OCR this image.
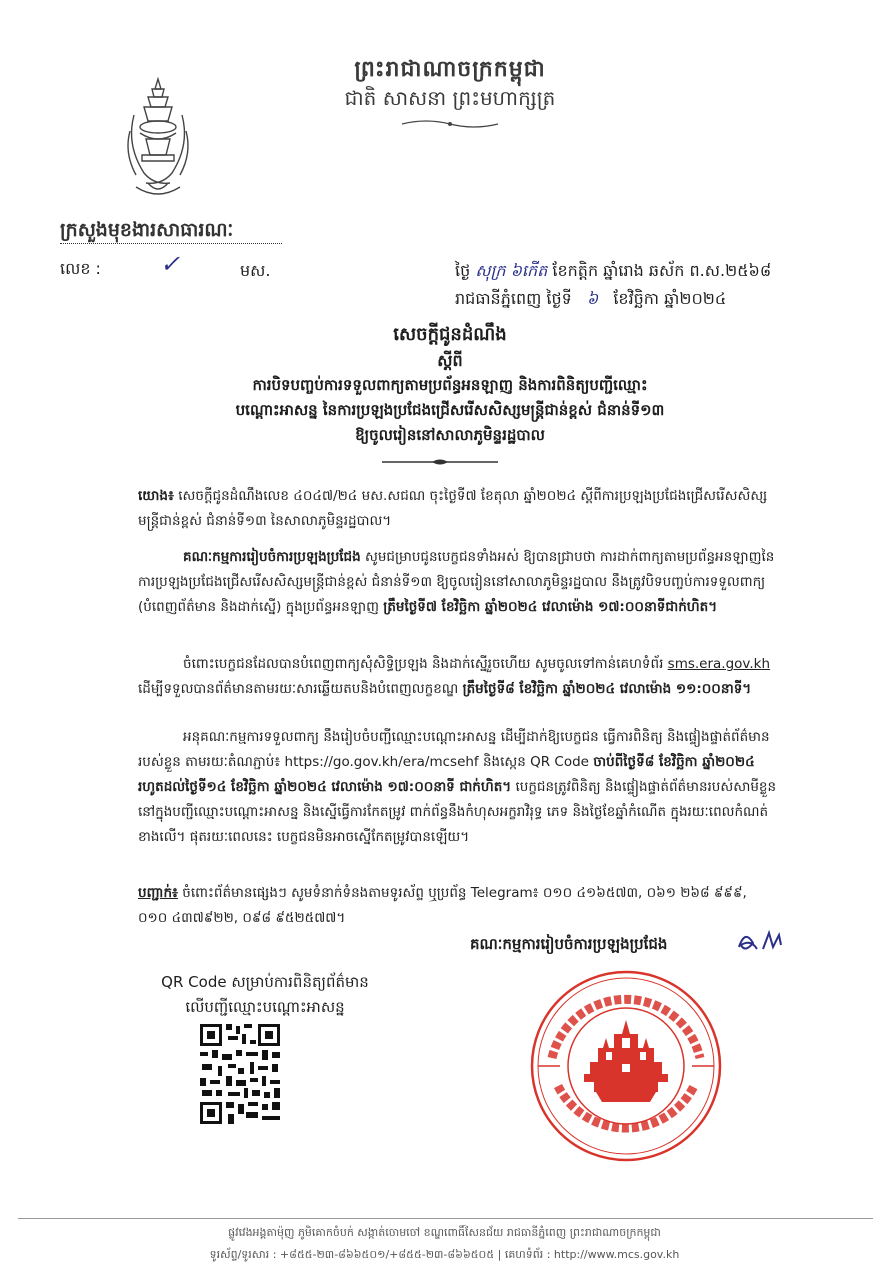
ព្រះរាជាណាចក្រកម្ពុជា
ជាតិ សាសនា ព្រះមហាក្សត្រ
ក្រសួងមុខងារសាធារណៈ
លេខ : ✓	មស.	ថ្ងៃ សុក្រ ៦កើត ខែកត្តិក ឆ្នាំរោង ឆស័ក ព.ស.២៥៦៨
រាជធានីភ្នំពេញ ថ្ងៃទី ៦ ខែវិច្ឆិកា ឆ្នាំ២០២៤
សេចក្ដីជូនដំណឹង
ស្ដីពី
ការបិទបញ្ចប់ការទទួលពាក្យតាមប្រព័ន្ធអនឡាញ និងការពិនិត្យបញ្ជីឈ្មោះ
បណ្ដោះអាសន្ន នៃការប្រឡងប្រជែងជ្រើសរើសសិស្សមន្ត្រីជាន់ខ្ពស់ ជំនាន់ទី១៣
ឱ្យចូលរៀននៅសាលាភូមិន្ទរដ្ឋបាល
យោង៖ សេចក្ដីជូនដំណឹងលេខ ៤០៤៧/២៤ មស.សជណ ចុះថ្ងៃទី៧ ខែតុលា ឆ្នាំ២០២៤ ស្ដីពីការប្រឡងប្រជែងជ្រើសរើសសិស្សមន្ត្រីជាន់ខ្ពស់ ជំនាន់ទី១៣ នៃសាលាភូមិន្ទរដ្ឋបាល។
គណៈកម្មការរៀបចំការប្រឡងប្រជែង សូមជម្រាបជូនបេក្ខជនទាំងអស់ ឱ្យបានជ្រាបថា ការដាក់ពាក្យតាមប្រព័ន្ធអនឡាញនៃការប្រឡងប្រជែងជ្រើសរើសសិស្សមន្ត្រីជាន់ខ្ពស់ ជំនាន់ទី១៣ ឱ្យចូលរៀននៅសាលាភូមិន្ទរដ្ឋបាល នឹងត្រូវបិទបញ្ចប់ការទទួលពាក្យ (បំពេញព័ត៌មាន និងដាក់ស្នើ) ក្នុងប្រព័ន្ធអនឡាញ ត្រឹមថ្ងៃទី៧ ខែវិច្ឆិកា ឆ្នាំ២០២៤ វេលាម៉ោង ១៧:០០នាទីជាក់ហិត។
ចំពោះបេក្ខជនដែលបានបំពេញពាក្យសុំសិទ្ធិប្រឡង និងដាក់ស្នើរួចហើយ សូមចូលទៅកាន់គេហទំព័រ sms.era.gov.kh ដើម្បីទទួលបានព័ត៌មានតាមរយៈសារឆ្លើយតបនិងបំពេញលក្ខខណ្ឌ ត្រឹមថ្ងៃទី៨ ខែវិច្ឆិកា ឆ្នាំ២០២៤ វេលាម៉ោង ១១:០០នាទី។
អនុគណៈកម្មការទទួលពាក្យ នឹងរៀបចំបញ្ជីឈ្មោះបណ្ដោះអាសន្ន ដើម្បីដាក់ឱ្យបេក្ខជន ធ្វើការពិនិត្យ និងផ្ទៀងផ្ទាត់ព័ត៌មានរបស់ខ្លួន តាមរយៈតំណភ្ជាប់៖ https://go.gov.kh/era/mcsehf និងស្កេន QR Code ចាប់ពីថ្ងៃទី៨ ខែវិច្ឆិកា ឆ្នាំ២០២៤ រហូតដល់ថ្ងៃទី១៤ ខែវិច្ឆិកា ឆ្នាំ២០២៤ វេលាម៉ោង ១៧:០០នាទី ជាក់ហិត។ បេក្ខជនត្រូវពិនិត្យ និងផ្ទៀងផ្ទាត់ព័ត៌មានរបស់សាមីខ្លួននៅក្នុងបញ្ជីឈ្មោះបណ្ដោះអាសន្ន និងស្នើធ្វើការកែតម្រូវ ពាក់ព័ន្ធនឹងកំហុសអក្ខរាវិរុទ្ធ ភេទ និងថ្ងៃខែឆ្នាំកំណើត ក្នុងរយៈពេលកំណត់ខាងលើ។ ផុតរយៈពេលនេះ បេក្ខជនមិនអាចស្នើកែតម្រូវបានឡើយ។
បញ្ជាក់៖ ចំពោះព័ត៌មានផ្សេងៗ សូមទំនាក់ទំនងតាមទូរស័ព្ទ ឬប្រព័ន្ធ Telegram៖ ០១០ ៤១៦៥៧៣, ០៦១ ២៦៨ ៩៩៩, ០១០ ៤៣៧៩២២, ០៩៨ ៩៥២៥៧៧។
គណៈកម្មការរៀបចំការប្រឡងប្រជែង
QR Code សម្រាប់ការពិនិត្យព័ត៌មាន
លើបញ្ជីឈ្មោះបណ្ដោះអាសន្ន
ផ្លូវវេងអង្គតាម៉ុញ ភូមិគោកចំបក់ សង្កាត់ចោមចៅ ខណ្ឌពោធិ៍សែនជ័យ រាជធានីភ្នំពេញ ព្រះរាជាណាចក្រកម្ពុជា
ទូរស័ព្ទ/ទូរសារ : +៨៥៥-២៣-៨៦៦៥០១/+៨៥៥-២៣-៨៦៦៥០៥ | គេហទំព័រ : http://www.mcs.gov.kh
